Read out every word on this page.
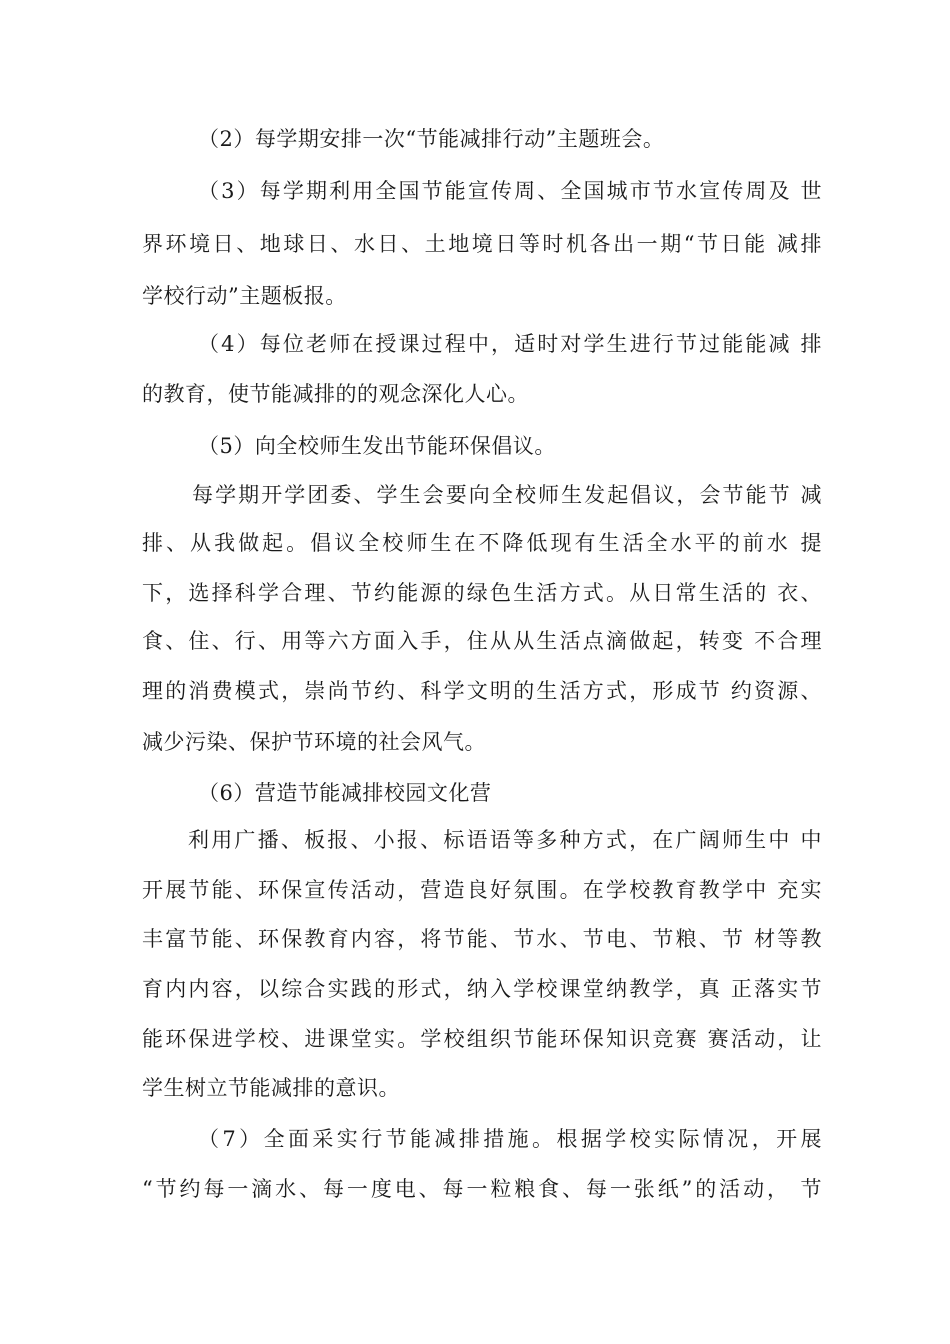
（2）每学期安排一次“节能减排行动”主题班会。
（3）每学期利用全国节能宣传周、全国城市节水宣传周及 世
界环境日、地球日、水日、土地境日等时机各出一期“节日能 减排
学校行动”主题板报。
（4）每位老师在授课过程中，适时对学生进行节过能能减 排
的教育，使节能减排的的观念深化人心。
（5）向全校师生发出节能环保倡议。
每学期开学团委、学生会要向全校师生发起倡议，会节能节 减
排、从我做起。倡议全校师生在不降低现有生活全水平的前水 提
下，选择科学合理、节约能源的绿色生活方式。从日常生活的 衣、
食、住、行、用等六方面入手，住从从生活点滴做起，转变 不合理
理的消费模式，崇尚节约、科学文明的生活方式，形成节 约资源、
减少污染、保护节环境的社会风气。
（6）营造节能减排校园文化营
利用广播、板报、小报、标语语等多种方式，在广阔师生中 中
开展节能、环保宣传活动，营造良好氛围。在学校教育教学中 充实
丰富节能、环保教育内容，将节能、节水、节电、节粮、节 材等教
育内内容，以综合实践的形式，纳入学校课堂纳教学，真 正落实节
能环保进学校、进课堂实。学校组织节能环保知识竞赛 赛活动，让
学生树立节能减排的意识。
（7）全面采实行节能减排措施。根据学校实际情况，开展
“节约每一滴水、每一度电、每一粒粮食、每一张纸”的活动， 节
